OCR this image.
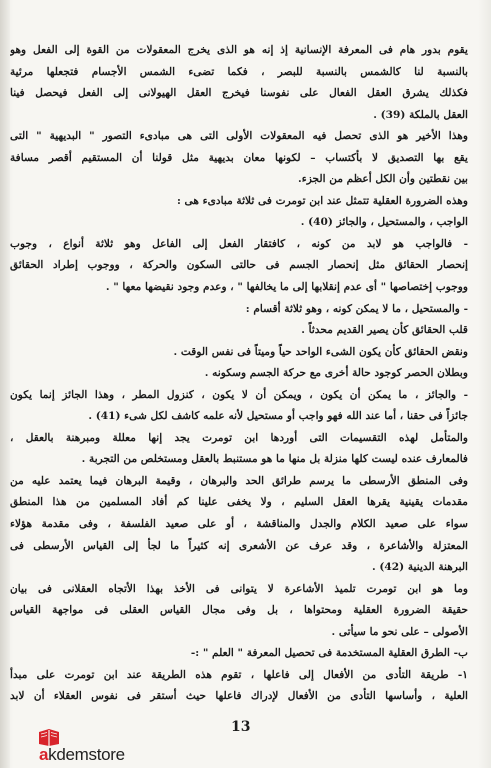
يقوم بدور هام فى المعرفة الإنسانية إذ إنه هو الذى يخرج المعقولات من القوة إلى الفعل وهو
بالنسبة لنا كالشمس بالنسبة للبصر ، فكما تضىء الشمس الأجسام فتجعلها مرئية
فكذلك يشرق العقل الفعال على نفوسنا فيخرج العقل الهيولانى إلى الفعل فيحصل فينا
العقل بالملكة (39) .
وهذا الأخير هو الذى تحصل فيه المعقولات الأولى التى هى مبادىء التصور " البديهية " التى
يقع بها التصديق لا بأكتساب – لكونها معان بديهية مثل قولنا أن المستقيم أقصر مسافة
بين نقطتين وأن الكل أعظم من الجزء.
وهذه الضرورة العقلية تتمثل عند ابن تومرت فى ثلاثة مبادىء هى :
الواجب ، والمستحيل ، والجائز (40) .
- فالواجب هو لابد من كونه ، كافتقار الفعل إلى الفاعل وهو ثلاثة أنواع ، وجوب
إنحصار الحقائق مثل إنحصار الجسم فى حالتى السكون والحركة ، ووجوب إطراد الحقائق
ووجوب إختصاصها " أى عدم إنقلابها إلى ما يخالفها " ، وعدم وجود نقيضها معها " .
- والمستحيل ، ما لا يمكن كونه ، وهو ثلاثة أقسام :
قلب الحقائق كأن يصير القديم محدثاً .
ونقض الحقائق كأن يكون الشىء الواحد حياً وميتاً فى نفس الوقت .
وبطلان الحصر كوجود حالة أخرى مع حركة الجسم وسكونه .
- والجائز ، ما يمكن أن يكون ، ويمكن أن لا يكون ، كنزول المطر ، وهذا الجائز إنما يكون
جائزاً فى حقنا ، أما عند الله فهو واجب أو مستحيل لأنه علمه كاشف لكل شىء (41) .
والمتأمل لهذه التقسيمات التى أوردها ابن تومرت يجد إنها معللة ومبرهنة بالعقل ،
فالمعارف عنده ليست كلها منزلة بل منها ما هو مستنبط بالعقل ومستخلص من التجربة .
وفى المنطق الأرسطى ما يرسم طرائق الحد والبرهان ، وقيمة البرهان فيما يعتمد عليه من
مقدمات يقينية يقرها العقل السليم ، ولا يخفى علينا كم أفاد المسلمين من هذا المنطق
سواء على صعيد الكلام والجدل والمناقشة ، أو على صعيد الفلسفة ، وفى مقدمة هؤلاء
المعتزلة والأشاعرة ، وقد عرف عن الأشعرى إنه كثيراً ما لجأ إلى القياس الأرسطى فى
البرهنة الدينية (42) .
وما هو ابن تومرت تلميذ الأشاعرة لا يتوانى فى الأخذ بهذا الأتجاه العقلانى فى بيان
حقيقة الضرورة العقلية ومحتواها ، بل وفى مجال القياس العقلى فى مواجهة القياس
الأصولى – على نحو ما سيأتى .
ب- الطرق العقلية المستخدمة فى تحصيل المعرفة " العلم " :-
١- طريقة التأدى من الأفعال إلى فاعلها ، تقوم هذه الطريقة عند ابن تومرت على مبدأ
العلية ، وأساسها التأدى من الأفعال لإدراك فاعلها حيث أستقر فى نفوس العقلاء أن لابد
13
akdemstore
